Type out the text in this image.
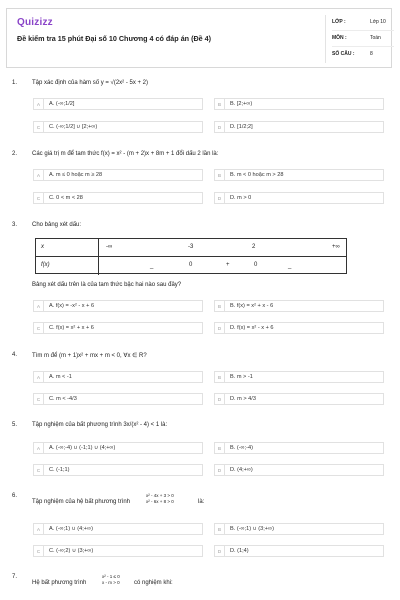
Quizizz
Đề kiểm tra 15 phút Đại số 10 Chương 4 có đáp án (Đề 4)
LỚP :	Lớp 10
MÔN :	Toán
SỐ CÂU :	8
1. Tập xác định của hàm số y = √(2x² - 5x + 2)
A	A. (-∞;1/2]	B	B. [2;+∞)
C	C. (-∞;1/2] ∪ [2;+∞)	D	D. [1/2;2]
2. Các giá trị m để tam thức f(x) = x² - (m + 2)x + 8m + 1 đổi dấu 2 lần là:
A	A. m ≤ 0 hoặc m ≥ 28	B	B. m < 0 hoặc m > 28
C	C. 0 < m < 28	D	D. m > 0
3. Cho bảng xét dấu:
x	-∞	-3	2	+∞
f(x)	_	0	+	0	_
Bảng xét dấu trên là của tam thức bậc hai nào sau đây?
A	A. f(x) = -x² - x + 6	B	B. f(x) = x² + x - 6
C	C. f(x) = x² + x + 6	D	D. f(x) = x² - x + 6
4. Tìm m để (m + 1)x² + mx + m < 0, ∀x ∈ R?
A	A. m < -1	B	B. m > -1
C	C. m < -4/3	D	D. m > 4/3
5. Tập nghiệm của bất phương trình 3x/(x² - 4) < 1 là:
A	A. (-∞;-4) ∪ (-1;1) ∪ (4;+∞)	B	B. (-∞;-4)
C	C. (-1;1)	D	D. (4;+∞)
6.
Tập nghiệm của hệ bất phương trình
x² - 4x + 3 > 0
x² - 6x + 8 > 0	là:
A	A. (-∞;1) ∪ (4;+∞)	B	B. (-∞;1) ∪ (3;+∞)
C	C. (-∞;2) ∪ (3;+∞)	D	D. (1;4)
7.
Hệ bất phương trình
x² - 1 ≤ 0
x - m > 0 có nghiệm khi:
